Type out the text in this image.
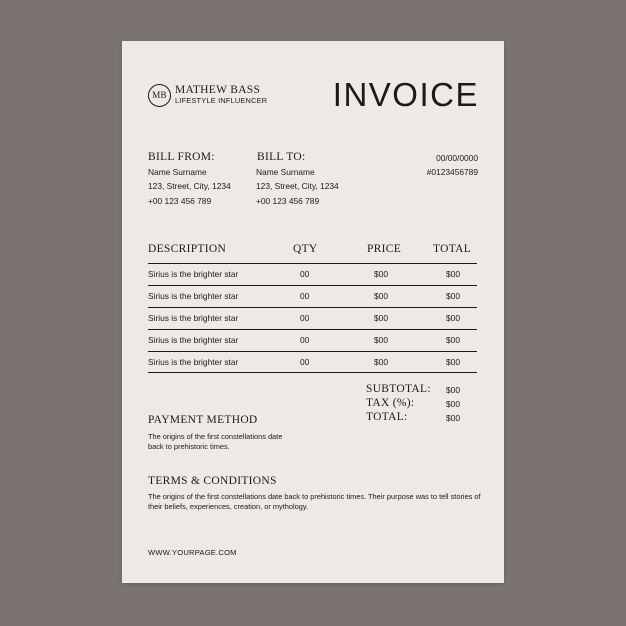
MB MATHEW BASS
LIFESTYLE INFLUENCER	INVOICE
BILL FROM:
Name Surname
123, Street, City, 1234
+00 123 456 789
BILL TO:
Name Surname
123, Street, City, 1234
+00 123 456 789
00/00/0000
#0123456789
DESCRIPTION	QTY	PRICE	TOTAL
Sirius is the brighter star	00	$00	$00
Sirius is the brighter star	00	$00	$00
Sirius is the brighter star	00	$00	$00
Sirius is the brighter star	00	$00	$00
Sirius is the brighter star	00	$00	$00
SUBTOTAL: $00
TAX (%):	$00
TOTAL:	$00
PAYMENT METHOD
The origins of the first constellations date back to prehistoric times.
TERMS & CONDITIONS
The origins of the first constellations date back to prehistoric times. Their purpose was to tell stories of their beliefs, experiences, creation, or mythology.
WWW.YOURPAGE.COM
